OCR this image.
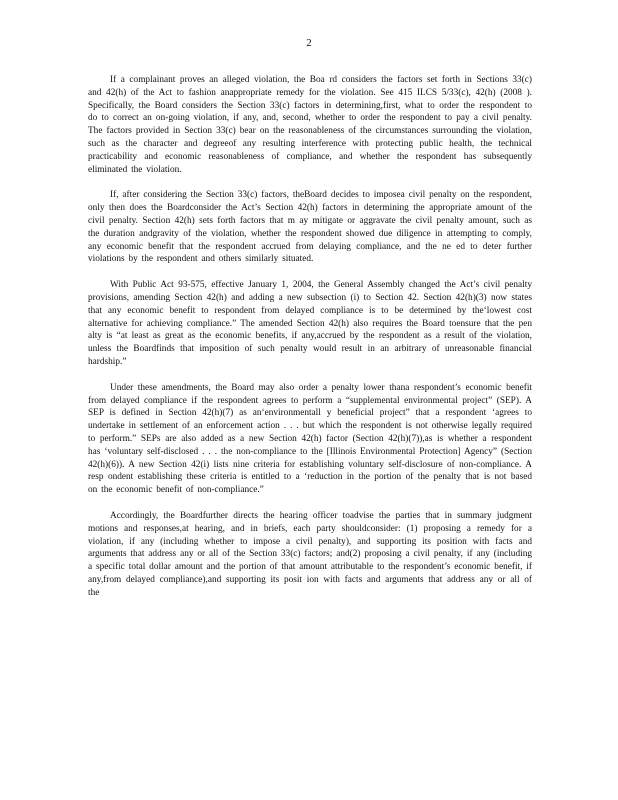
2

If a complainant proves an alleged violation, the Boa rd considers the factors set forth in Sections 33(c) and 42(h) of the Act to fashion anappropriate remedy for the violation. See 415 ILCS 5/33(c), 42(h) (2008 ). Specifically, the Board considers the Section 33(c) factors in determining,first, what to order the respondent to do to correct an on-going violation, if any, and, second, whether to order the respondent to pay a civil penalty. The factors provided in Section 33(c) bear on the reasonableness of the circumstances surrounding the violation, such as the character and degreeof any resulting interference with protecting public health, the technical practicability and economic reasonableness of compliance, and whether the respondent has subsequently eliminated the violation.

If, after considering the Section 33(c) factors, theBoard decides to imposea civil penalty on the respondent, only then does the Boardconsider the Act’s Section 42(h) factors in determining the appropriate amount of the civil penalty. Section 42(h) sets forth factors that m ay mitigate or aggravate the civil penalty amount, such as the duration andgravity of the violation, whether the respondent showed due diligence in attempting to comply, any economic benefit that the respondent accrued from delaying compliance, and the ne ed to deter further violations by the respondent and others similarly situated.

With Public Act 93-575, effective January 1, 2004, the General Assembly changed the Act’s civil penalty provisions, amending Section 42(h) and adding a new subsection (i) to Section 42. Section 42(h)(3) now states that any economic benefit to respondent from delayed compliance is to be determined by the‘lowest cost alternative for achieving compliance.” The amended Section 42(h) also requires the Board toensure that the pen alty is “at least as great as the economic benefits, if any,accrued by the respondent as a result of the violation, unless the Boardfinds that imposition of such penalty would result in an arbitrary of unreasonable financial hardship.”

Under these amendments, the Board may also order a penalty lower thana respondent’s economic benefit from delayed compliance if the respondent agrees to perform a “supplemental environmental project” (SEP). A SEP is defined in Section 42(h)(7) as an‘environmentall y beneficial project” that a respondent ‘agrees to undertake in settlement of an enforcement action . . . but which the respondent is not otherwise legally required to perform.” SEPs are also added as a new Section 42(h) factor (Section 42(h)(7)),as is whether a respondent has ‘voluntary self-disclosed . . . the non-compliance to the [Illinois Environmental Protection] Agency” (Section 42(h)(6)). A new Section 42(i) lists nine criteria for establishing voluntary self-disclosure of non-compliance. A resp ondent establishing these criteria is entitled to a ‘reduction in the portion of the penalty that is not based on the economic benefit of non-compliance.”

Accordingly, the Boardfurther directs the hearing officer toadvise the parties that in summary judgment motions and responses,at hearing, and in briefs, each party shouldconsider: (1) proposing a remedy for a violation, if any (including whether to impose a civil penalty), and supporting its position with facts and arguments that address any or all of the Section 33(c) factors; and(2) proposing a civil penalty, if any (including a specific total dollar amount and the portion of that amount attributable to the respondent’s economic benefit, if any,from delayed compliance),and supporting its posit ion with facts and arguments that address any or all of the
